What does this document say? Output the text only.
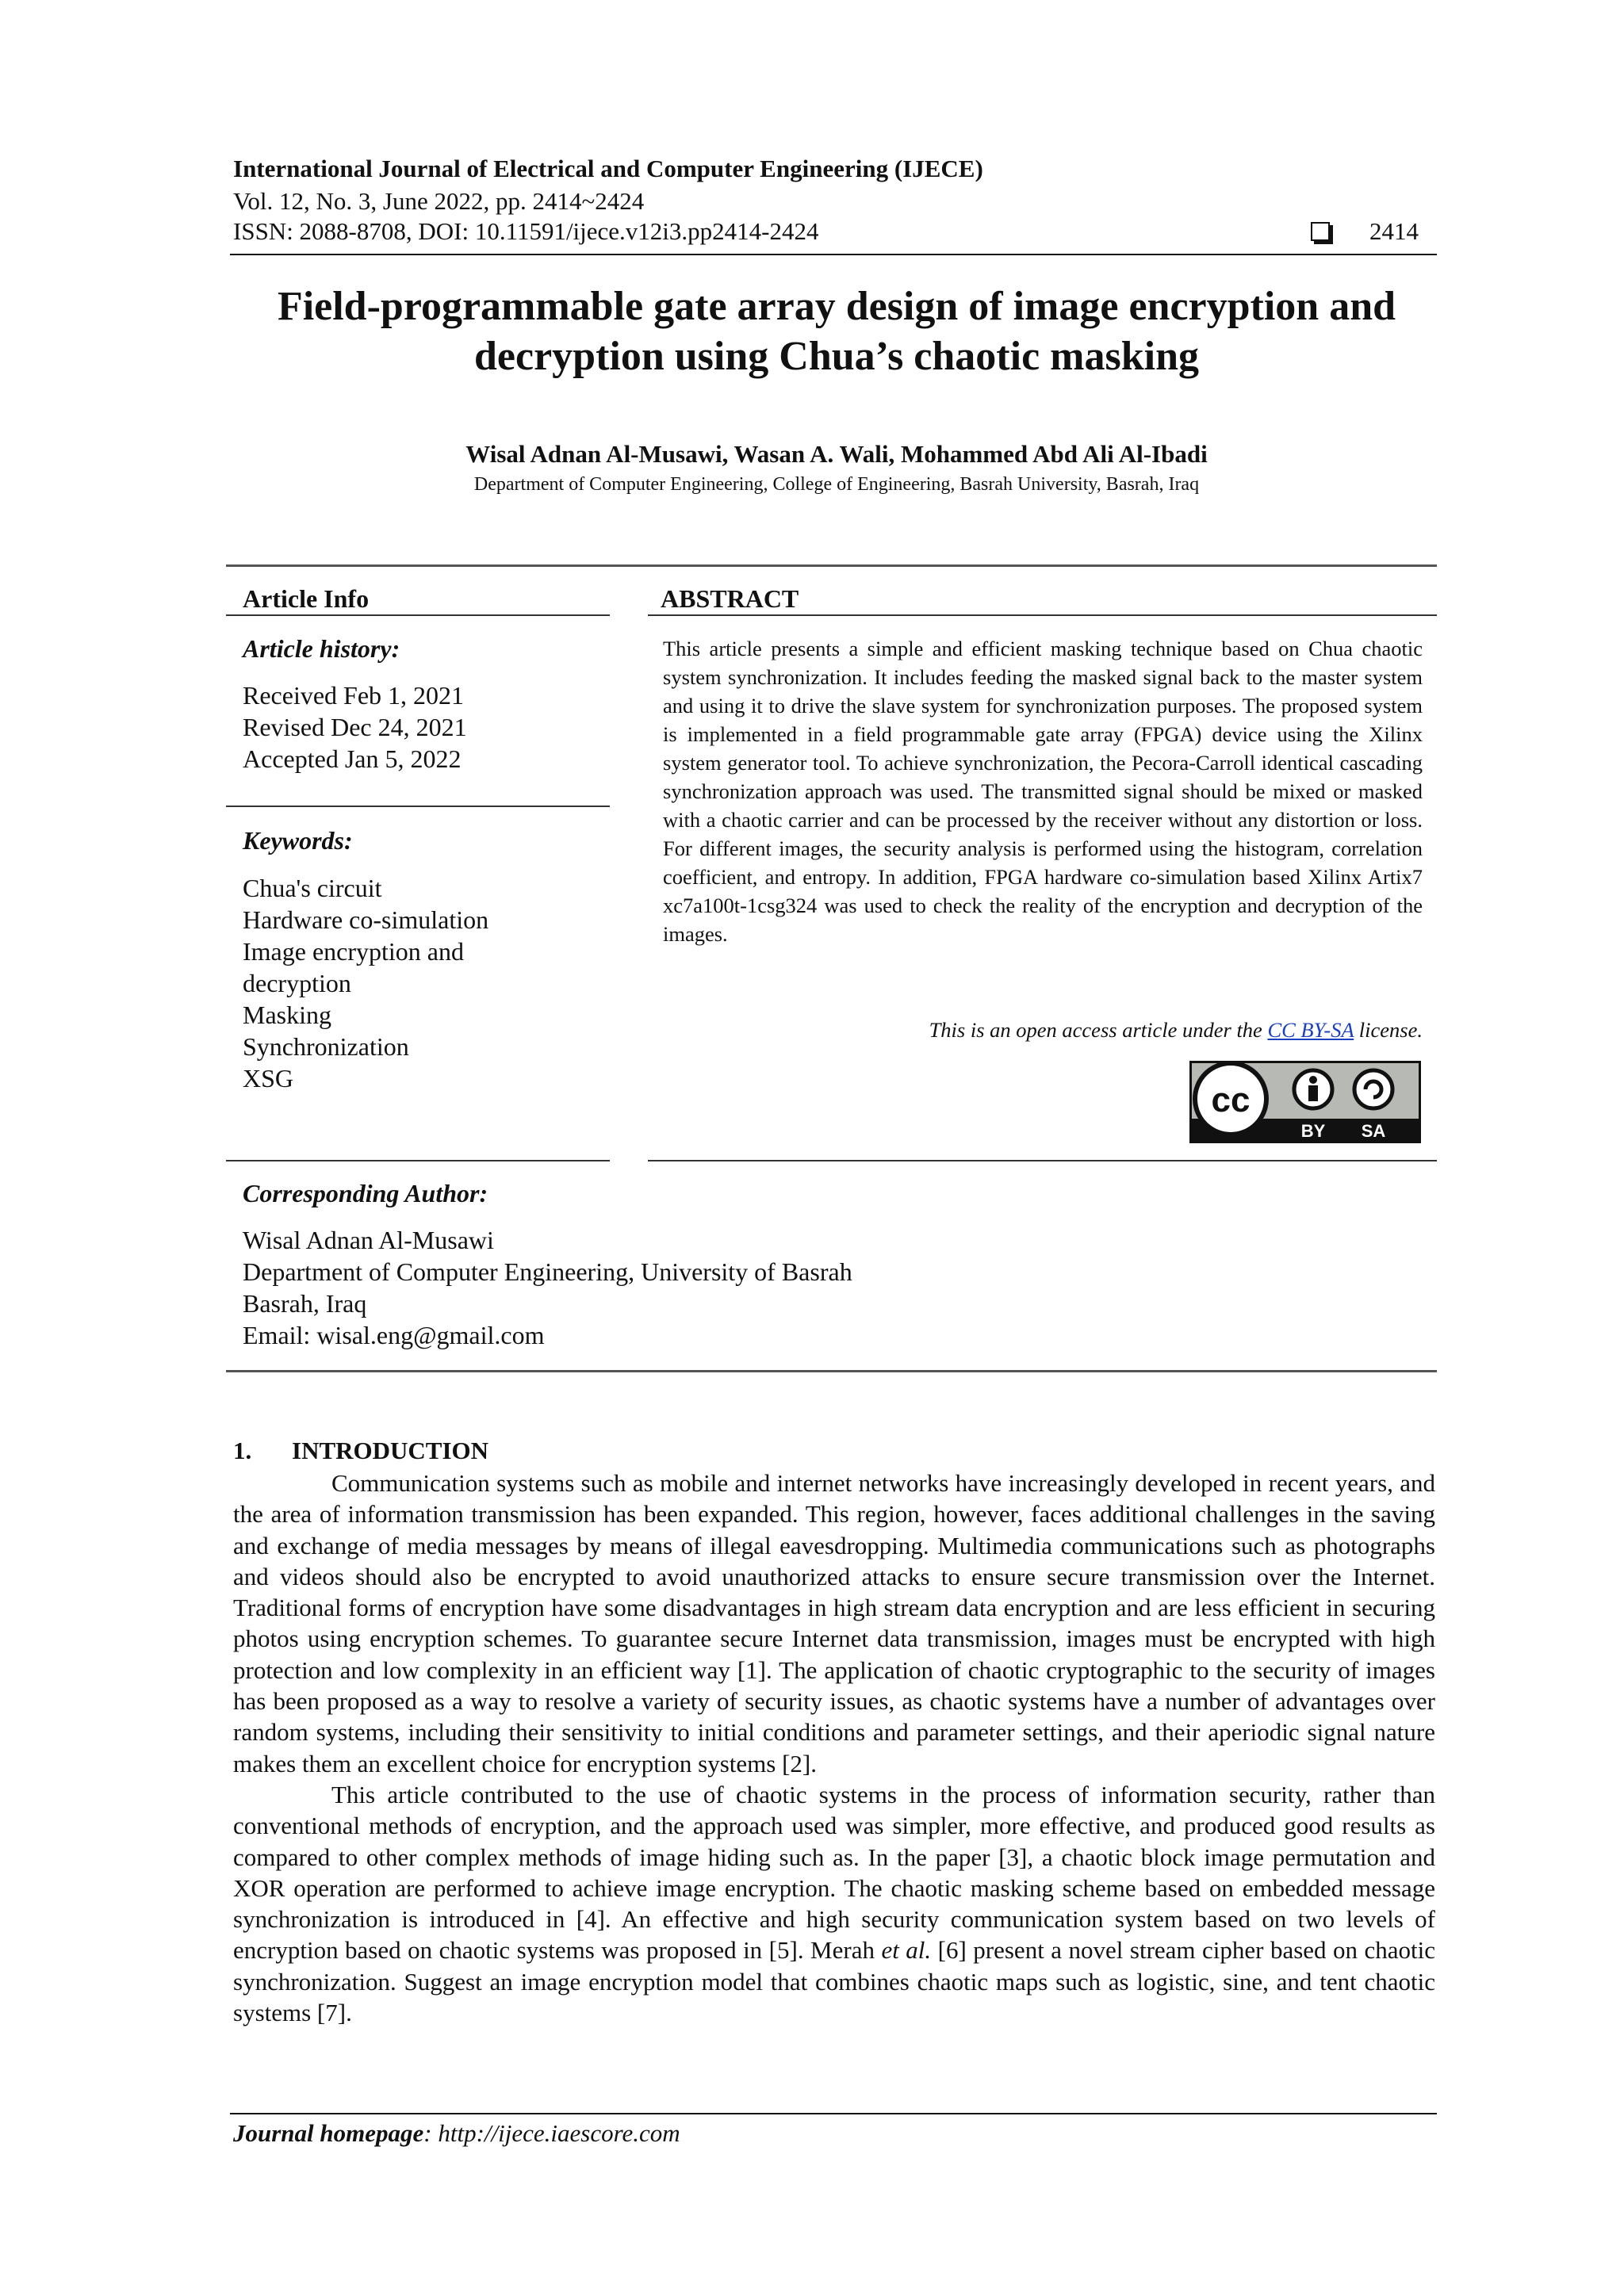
International Journal of Electrical and Computer Engineering (IJECE)
Vol. 12, No. 3, June 2022, pp. 2414~2424
ISSN: 2088-8708, DOI: 10.11591/ijece.v12i3.pp2414-2424	2414
Field-programmable gate array design of image encryption and
decryption using Chua’s chaotic masking
Wisal Adnan Al-Musawi, Wasan A. Wali, Mohammed Abd Ali Al-Ibadi
Department of Computer Engineering, College of Engineering, Basrah University, Basrah, Iraq
Article Info	ABSTRACT
Article history:
Received Feb 1, 2021
Revised Dec 24, 2021
Accepted Jan 5, 2022
Keywords:
Chua's circuit
Hardware co-simulation
Image encryption and
decryption
Masking
Synchronization
XSG
This article presents a simple and efficient masking technique based on Chua chaotic system synchronization. It includes feeding the masked signal back to the master system and using it to drive the slave system for synchronization purposes. The proposed system is implemented in a field programmable gate array (FPGA) device using the Xilinx system generator tool. To achieve synchronization, the Pecora-Carroll identical cascading synchronization approach was used. The transmitted signal should be mixed or masked with a chaotic carrier and can be processed by the receiver without any distortion or loss. For different images, the security analysis is performed using the histogram, correlation coefficient, and entropy. In addition, FPGA hardware co-simulation based Xilinx Artix7 xc7a100t-1csg324 was used to check the reality of the encryption and decryption of the images.
This is an open access article under the CC BY-SA license.
cc
BY SA
Corresponding Author:
Wisal Adnan Al-Musawi
Department of Computer Engineering, University of Basrah
Basrah, Iraq
Email: wisal.eng@gmail.com
1. INTRODUCTION

Communication systems such as mobile and internet networks have increasingly developed in recent years, and the area of information transmission has been expanded. This region, however, faces additional challenges in the saving and exchange of media messages by means of illegal eavesdropping. Multimedia communications such as photographs and videos should also be encrypted to avoid unauthorized attacks to ensure secure transmission over the Internet. Traditional forms of encryption have some disadvantages in high stream data encryption and are less efficient in securing photos using encryption schemes. To guarantee secure Internet data transmission, images must be encrypted with high protection and low complexity in an efficient way [1]. The application of chaotic cryptographic to the security of images has been proposed as a way to resolve a variety of security issues, as chaotic systems have a number of advantages over random systems, including their sensitivity to initial conditions and parameter settings, and their aperiodic signal nature makes them an excellent choice for encryption systems [2].

This article contributed to the use of chaotic systems in the process of information security, rather than conventional methods of encryption, and the approach used was simpler, more effective, and produced good results as compared to other complex methods of image hiding such as. In the paper [3], a chaotic block image permutation and XOR operation are performed to achieve image encryption. The chaotic masking scheme based on embedded message synchronization is introduced in [4]. An effective and high security communication system based on two levels of encryption based on chaotic systems was proposed in [5]. Merah et al. [6] present a novel stream cipher based on chaotic synchronization. Suggest an image encryption model that combines chaotic maps such as logistic, sine, and tent chaotic systems [7].

Journal homepage: http://ijece.iaescore.com
